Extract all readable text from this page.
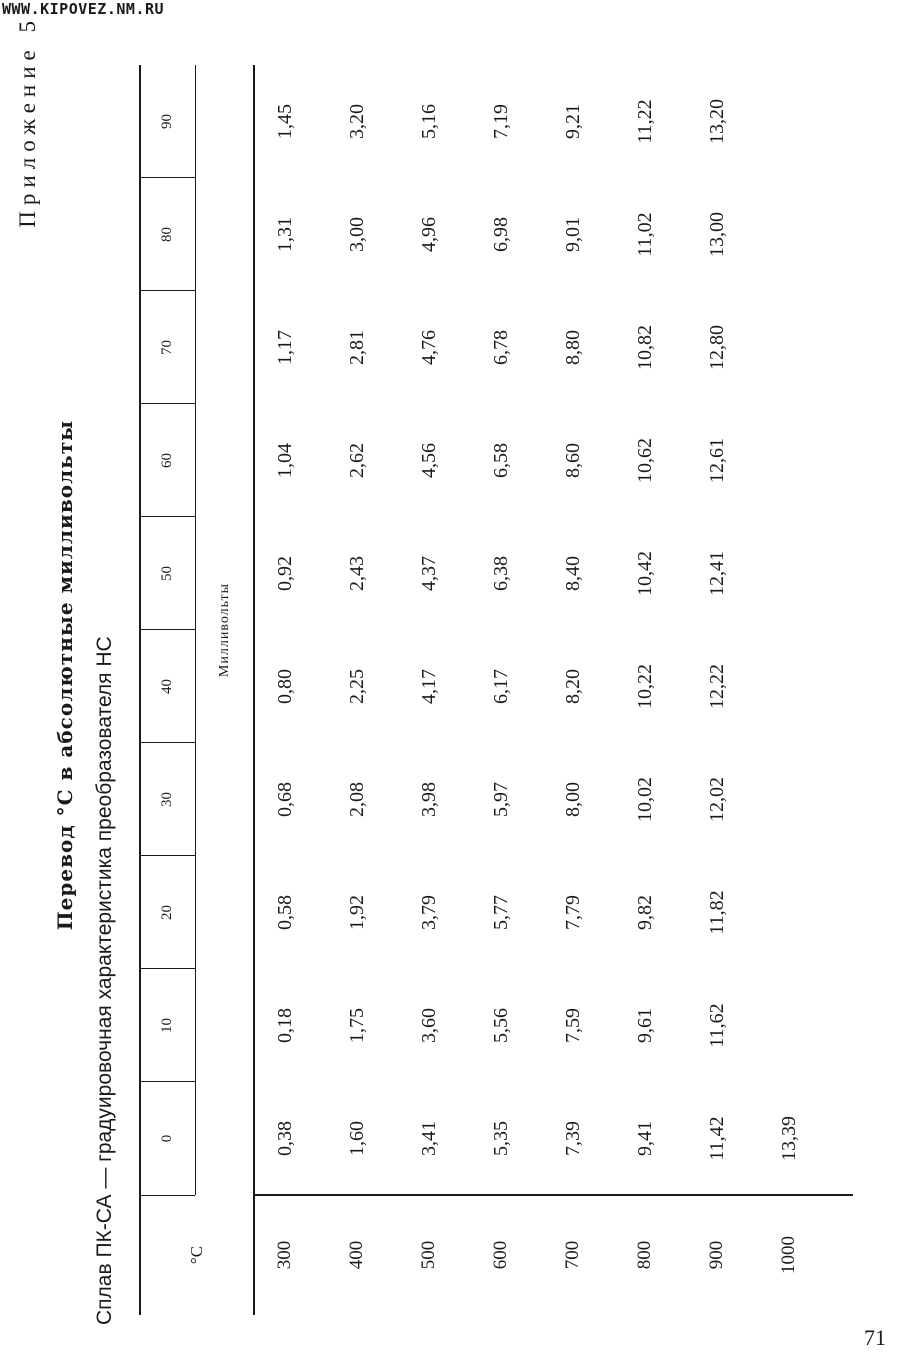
WWW.KIPOVEZ.NM.RU
Приложение 5
Перевод °С в абсолютные милливольты Сплав ПК-СА — градуировочная характеристика преобразователя НС	°С
Милливольты
0
10
20
30
40
50
60
70
80
90
300
0,38
0,18
0,58
0,68
0,80
0,92
1,04
1,17
1,31
1,45
400
1,60
1,75
1,92
2,08
2,25
2,43
2,62
2,81
3,00
3,20
500
3,41
3,60
3,79
3,98
4,17
4,37
4,56
4,76
4,96
5,16
600
5,35
5,56
5,77
5,97
6,17
6,38
6,58
6,78
6,98
7,19
700
7,39
7,59
7,79
8,00
8,20
8,40
8,60
8,80
9,01
9,21
800
9,41
9,61
9,82
10,02
10,22
10,42
10,62
10,82
11,02
11,22
900
11,42
11,62
11,82
12,02
12,22
12,41
12,61
12,80
13,00
13,20
1000
13,39
71
